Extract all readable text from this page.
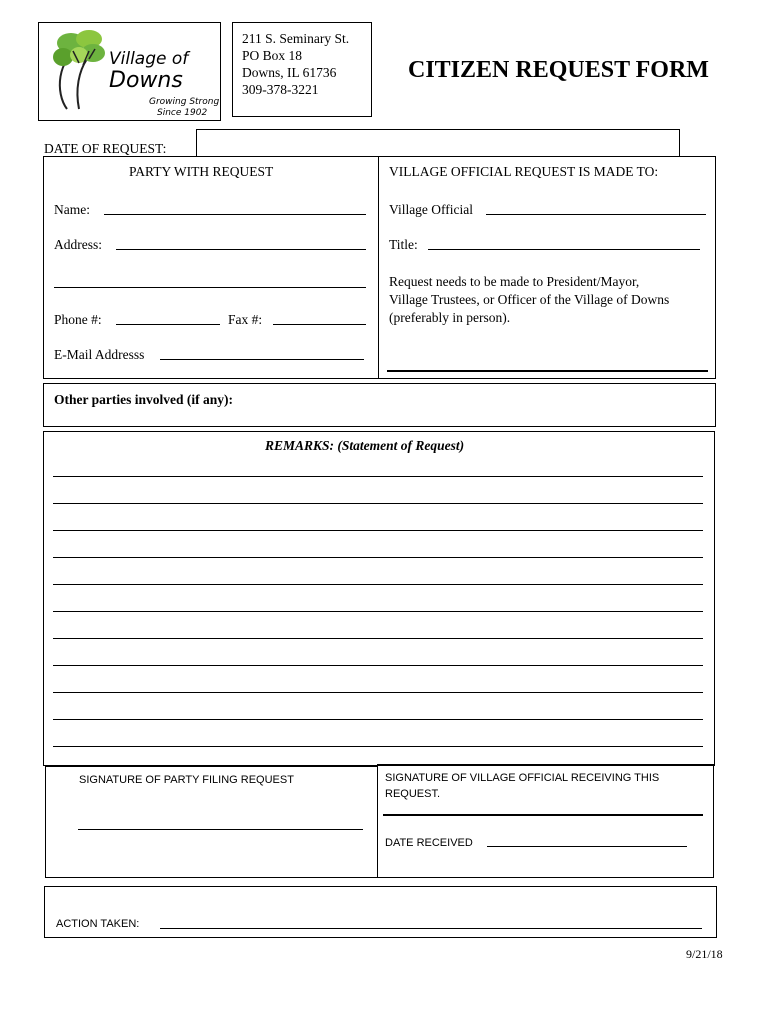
Village of
Downs
Growing Strong
Since 1902
211 S. Seminary St.
PO Box 18
Downs, IL 61736
309-378-3221
CITIZEN REQUEST FORM
DATE OF REQUEST:
PARTY WITH REQUEST
Name:
Address:
Phone #:	Fax #:
E-Mail Addresss
VILLAGE OFFICIAL REQUEST IS MADE TO:
Village Official
Title:
Request needs to be made to President/Mayor,
Village Trustees, or Officer of the Village of Downs
(preferably in person).
Other parties involved (if any):
REMARKS: (Statement of Request)
SIGNATURE OF PARTY FILING REQUEST	SIGNATURE OF VILLAGE OFFICIAL RECEIVING THIS
REQUEST.
DATE RECEIVED
ACTION TAKEN:
9/21/18
